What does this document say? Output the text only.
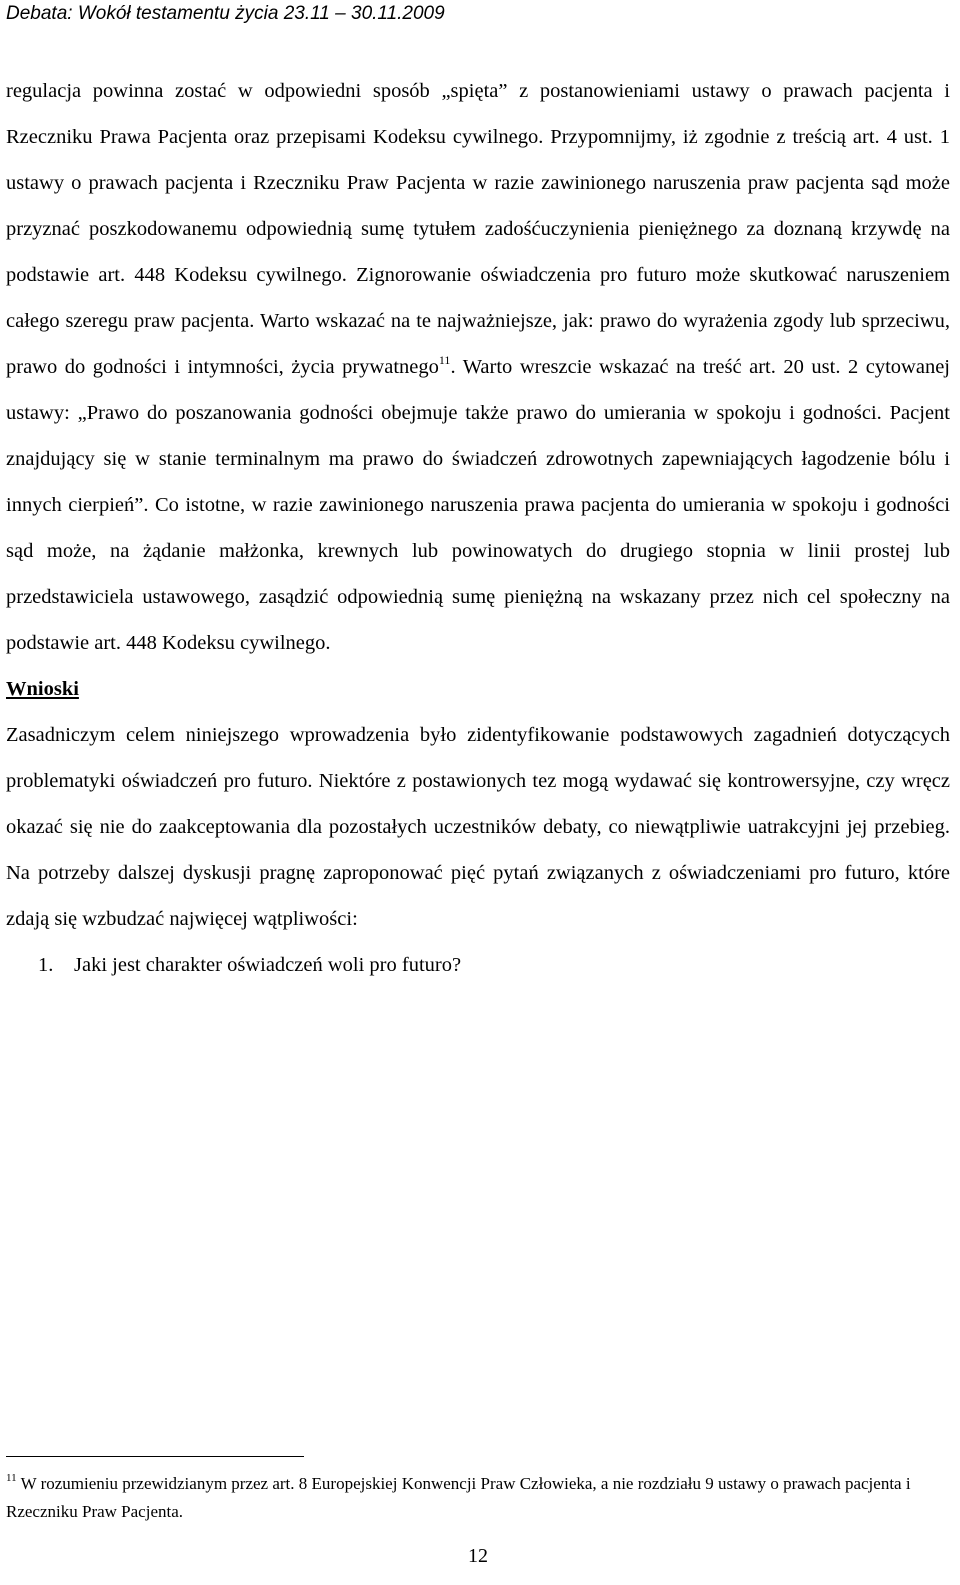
Debata: Wokół testamentu życia 23.11 – 30.11.2009

regulacja powinna zostać w odpowiedni sposób „spięta” z postanowieniami ustawy o prawach pacjenta i Rzeczniku Prawa Pacjenta oraz przepisami Kodeksu cywilnego. Przypomnijmy, iż zgodnie z treścią art. 4 ust. 1 ustawy o prawach pacjenta i Rzeczniku Praw Pacjenta w razie zawinionego naruszenia praw pacjenta sąd może przyznać poszkodowanemu odpowiednią sumę tytułem zadośćuczynienia pieniężnego za doznaną krzywdę na podstawie art. 448 Kodeksu cywilnego. Zignorowanie oświadczenia pro futuro może skutkować naruszeniem całego szeregu praw pacjenta. Warto wskazać na te najważniejsze, jak: prawo do wyrażenia zgody lub sprzeciwu, prawo do godności i intymności, życia prywatnego$^{11}$. Warto wreszcie wskazać na treść art. 20 ust. 2 cytowanej ustawy: „Prawo do poszanowania godności obejmuje także prawo do umierania w spokoju i godności. Pacjent znajdujący się w stanie terminalnym ma prawo do świadczeń zdrowotnych zapewniających łagodzenie bólu i innych cierpień”. Co istotne, w razie zawinionego naruszenia prawa pacjenta do umierania w spokoju i godności sąd może, na żądanie małżonka, krewnych lub powinowatych do drugiego stopnia w linii prostej lub przedstawiciela ustawowego, zasądzić odpowiednią sumę pieniężną na wskazany przez nich cel społeczny na podstawie art. 448 Kodeksu cywilnego.

Wnioski

Zasadniczym celem niniejszego wprowadzenia było zidentyfikowanie podstawowych zagadnień dotyczących problematyki oświadczeń pro futuro. Niektóre z postawionych tez mogą wydawać się kontrowersyjne, czy wręcz okazać się nie do zaakceptowania dla pozostałych uczestników debaty, co niewątpliwie uatrakcyjni jej przebieg. Na potrzeby dalszej dyskusji pragnę zaproponować pięć pytań związanych z oświadczeniami pro futuro, które zdają się wzbudzać najwięcej wątpliwości:

1. Jaki jest charakter oświadczeń woli pro futuro?
$^{11}$ W rozumieniu przewidzianym przez art. 8 Europejskiej Konwencji Praw Człowieka, a nie rozdziału 9 ustawy o prawach pacjenta i Rzeczniku Praw Pacjenta.
12
